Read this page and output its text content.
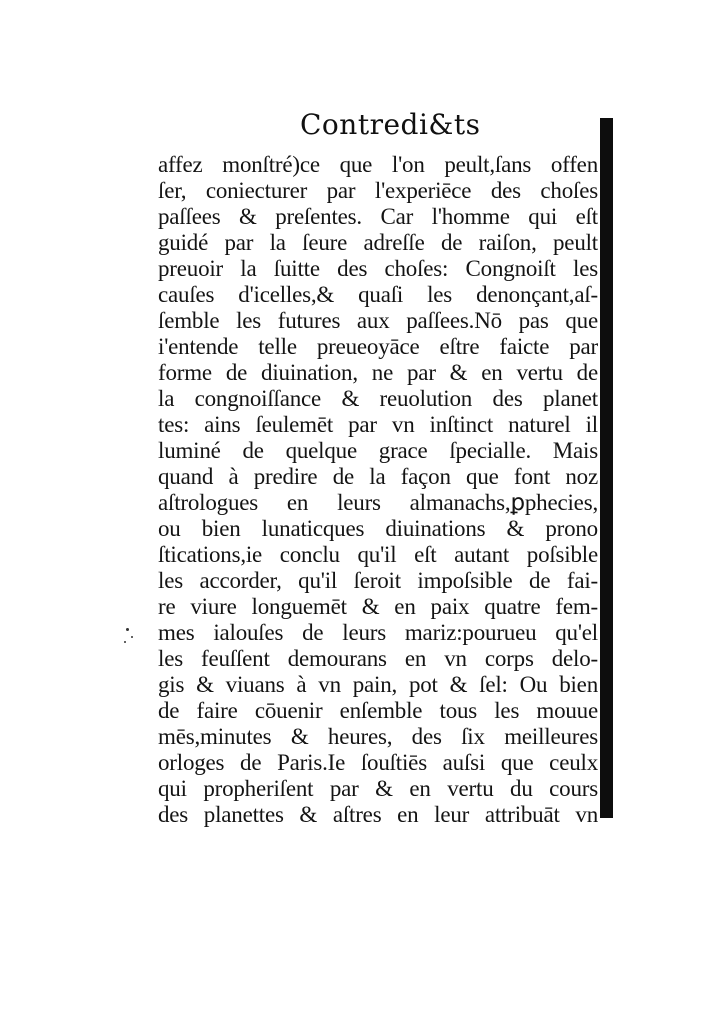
Contredi&ts
affez monſtré)ce que l'on peult,ſans offen
ſer, coniecturer par l'experiēce des choſes
paſſees & preſentes. Car l'homme qui eſt
guidé par la ſeure adreſſe de raiſon, peult
preuoir la ſuitte des choſes: Congnoiſt les
cauſes d'icelles,& quaſi les denonçant,aſ-
ſemble les futures aux paſſees.Nō pas que
i'entende telle preueoyāce eſtre faicte par
forme de diuination, ne par & en vertu de
la congnoiſſance & reuolution des planet
tes: ains ſeulemēt par vn inſtinct naturel il
luminé de quelque grace ſpecialle. Mais
quand à predire de la façon que font noz
aſtrologues en leurs almanachs,ꝑphecies,
ou bien lunaticques diuinations & prono
ſtications,ie conclu qu'il eſt autant poſsible
les accorder, qu'il ſeroit impoſsible de fai-
re viure longuemēt & en paix quatre fem-
mes ialouſes de leurs mariz:pourueu qu'el
les feuſſent demourans en vn corps delo-
gis & viuans à vn pain, pot & ſel: Ou bien
de faire cōuenir enſemble tous les mouue
mēs,minutes & heures, des ſix meilleures
orloges de Paris.Ie ſouſtiēs auſsi que ceulx
qui propheriſent par & en vertu du cours
des planettes & aſtres en leur attribuāt vn
